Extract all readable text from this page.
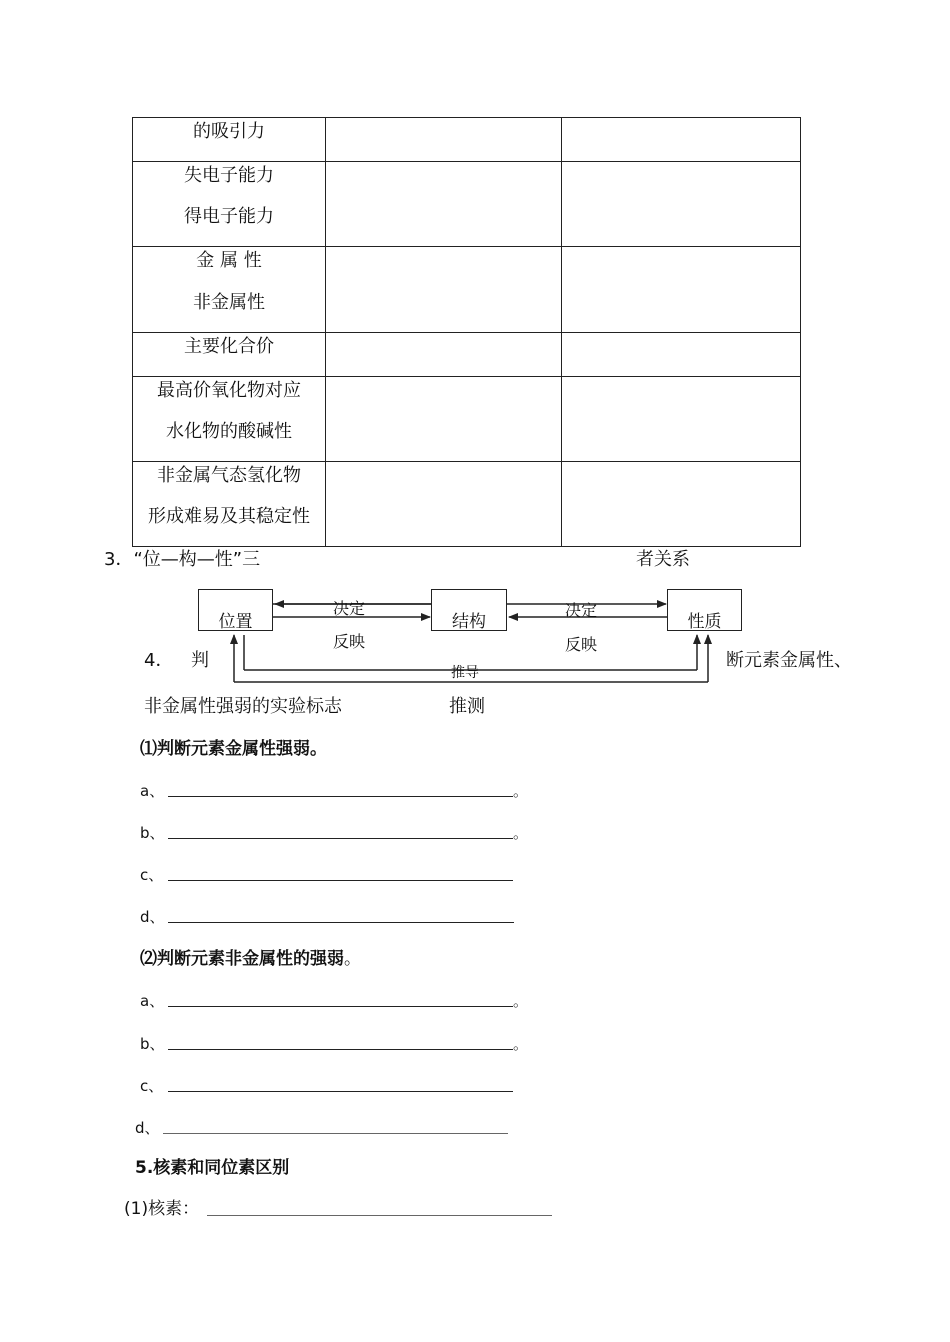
的吸引力		

失电子能力
得电子能力		

金 属 性
非金属性		

主要化合价		

最高价氧化物对应
水化物的酸碱性		

非金属气态氢化物
形成难易及其稳定性		

3．“位—构—性”三	者关系
位置	结构	性质
决定
反映
决定
反映
推导
推测
4． 判	断元素金属性、
非金属性强弱的实验标志
⑴判断元素金属性强弱。
a、	。
b、	。
c、
d、
⑵判断元素非金属性的强弱。
a、	。
b、	。
c、
d、
5.核素和同位素区别
(1)核素：
